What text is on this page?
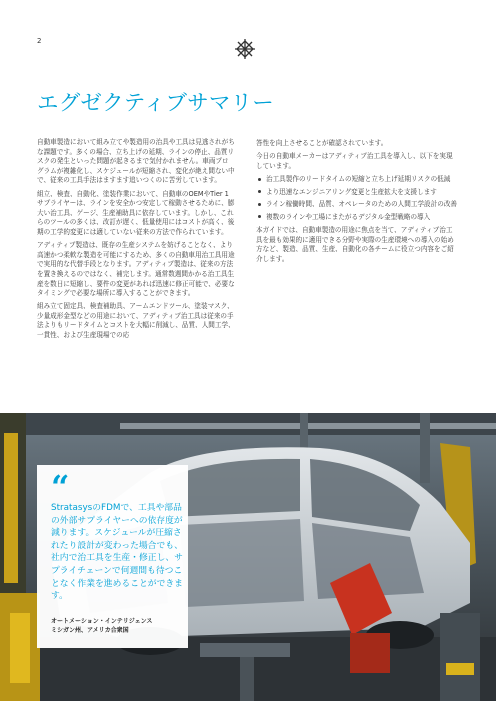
2
エグゼクティブサマリー

自動車製造において組み立てや製造用の治具や工具は見逃されがちな課題です。多くの場合、立ち上げの延期、ラインの停止、品質リスクの発生といった問題が起きるまで気付かれません。車両プログラムが複雑化し、スケジュールが短縮され、変化が絶え間ない中で、従来の工具手法はますます追いつくのに苦労しています。

組立、検査、自動化、塗装作業において、自動車のOEMやTier 1サプライヤーは、ラインを安全かつ安定して稼動させるために、膨大い治工具、ゲージ、生産補助具に依存しています。しかし、これらのツールの多くは、改訂が遅く、低量使用にはコストが高く、後期の工学的変更には適していない従来の方法で作られています。

アディティブ製造は、既存の生産システムを妨げることなく、より高速かつ柔軟な製造を可能にするため、多くの自動車用治工具用途で実用的な代替手段となります。アディティブ製造は、従来の方法を置き換えるのではなく、補完します。通常数週間かかる治工具生産を数日に短縮し、要件の変更があれば迅速に修正可能で、必要なタイミングで必要な場所に導入することができます。

組み立て固定具、検査補助具、アームエンドツール、塗装マスク、少量成形金型などの用途において、アディティブ治工具は従来の手法よりもリードタイムとコストを大幅に削減し、品質、人間工学、一貫性、および生産現場での応

答性を向上させることが確認されています。

今日の自動車メーカーはアディティブ治工具を導入し、以下を実現しています。

治工具製作のリードタイムの短縮と立ち上げ延期リスクの低減
より迅速なエンジニアリング変更と生産拡大を支援します
ライン稼働時間、品質、オペレータのための人間工学設計の改善
複数のラインや工場にまたがるデジタル金型戦略の導入

本ガイドでは、自動車製造の用途に焦点を当て、アディティブ治工具を最も効果的に適用できる分野や実際の生産環境への導入の始め方など、製造、品質、生産、自動化の各チームに役立つ内容をご紹介します。

“
StratasysのFDMで、工具や部品の外部サプライヤーへの依存度が減ります。スケジュールが圧縮されたり設計が変わった場合でも、社内で治工具を生産・修正し、サプライチェーンで何週間も待つことなく作業を進めることができます。
オートメーション・インテリジェンス
ミシガン州、アメリカ合衆国
